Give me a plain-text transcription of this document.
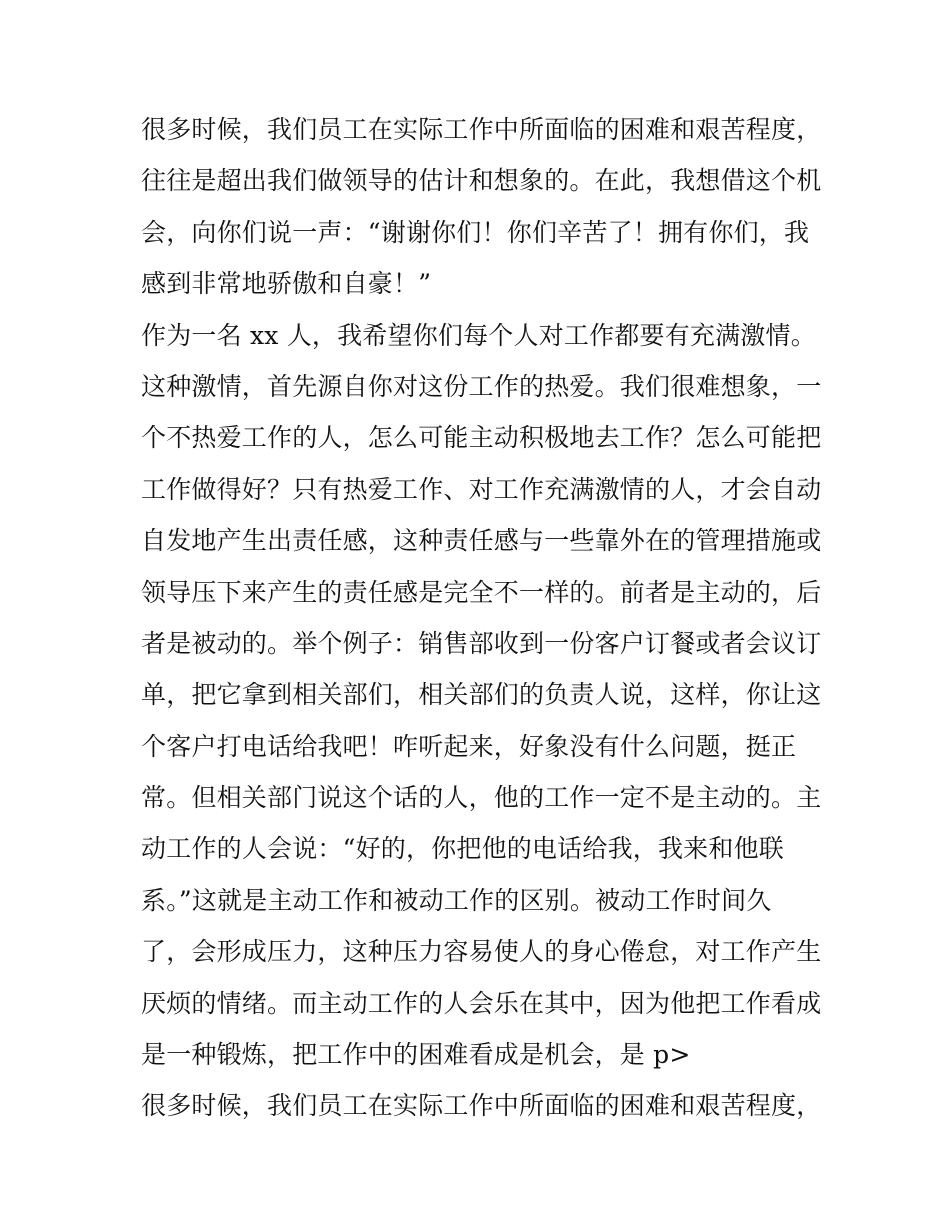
很多时候，我们员工在实际工作中所面临的困难和艰苦程度，
往往是超出我们做领导的估计和想象的。在此，我想借这个机
会，向你们说一声：“谢谢你们！你们辛苦了！拥有你们，我
感到非常地骄傲和自豪！”
作为一名 xx 人，我希望你们每个人对工作都要有充满激情。
这种激情，首先源自你对这份工作的热爱。我们很难想象，一
个不热爱工作的人，怎么可能主动积极地去工作？怎么可能把
工作做得好？只有热爱工作、对工作充满激情的人，才会自动
自发地产生出责任感，这种责任感与一些靠外在的管理措施或
领导压下来产生的责任感是完全不一样的。前者是主动的，后
者是被动的。举个例子：销售部收到一份客户订餐或者会议订
单，把它拿到相关部们，相关部们的负责人说，这样，你让这
个客户打电话给我吧！咋听起来，好象没有什么问题，挺正
常。但相关部门说这个话的人，他的工作一定不是主动的。主
动工作的人会说：“好的，你把他的电话给我，我来和他联
系。”这就是主动工作和被动工作的区别。被动工作时间久
了，会形成压力，这种压力容易使人的身心倦怠，对工作产生
厌烦的情绪。而主动工作的人会乐在其中，因为他把工作看成
是一种锻炼，把工作中的困难看成是机会，是 p>
很多时候，我们员工在实际工作中所面临的困难和艰苦程度，
